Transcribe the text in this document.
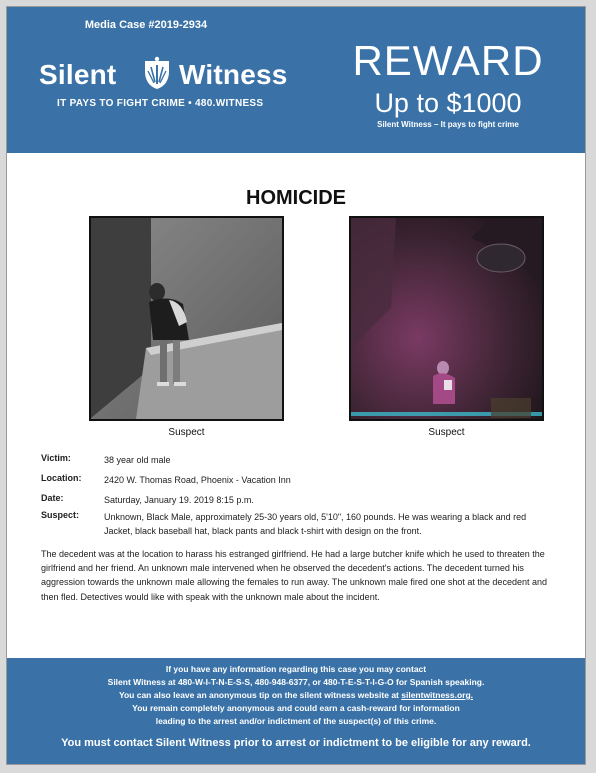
Media Case #2019-2934
Silent Witness
IT PAYS TO FIGHT CRIME • 480.WITNESS
REWARD
Up to $1000
Silent Witness – It pays to fight crime
HOMICIDE
Suspect	Suspect
Victim:	38 year old male
Location:	2420 W. Thomas Road, Phoenix - Vacation Inn
Date:	Saturday, January 19. 2019 8:15 p.m.
Suspect:	Unknown, Black Male, approximately 25-30 years old, 5'10", 160 pounds. He was wearing a black and red Jacket, black baseball hat, black pants and black t-shirt with design on the front.
The decedent was at the location to harass his estranged girlfriend. He had a large butcher knife which he used to threaten the girlfriend and her friend. An unknown male intervened when he observed the decedent's actions. The decedent turned his aggression towards the unknown male allowing the females to run away. The unknown male fired one shot at the decedent and then fled. Detectives would like with speak with the unknown male about the incident.
If you have any information regarding this case you may contact
Silent Witness at 480-W-I-T-N-E-S-S, 480-948-6377, or 480-T-E-S-T-I-G-O for Spanish speaking.
You can also leave an anonymous tip on the silent witness website at silentwitness.org.
You remain completely anonymous and could earn a cash-reward for information
leading to the arrest and/or indictment of the suspect(s) of this crime.
You must contact Silent Witness prior to arrest or indictment to be eligible for any reward.
